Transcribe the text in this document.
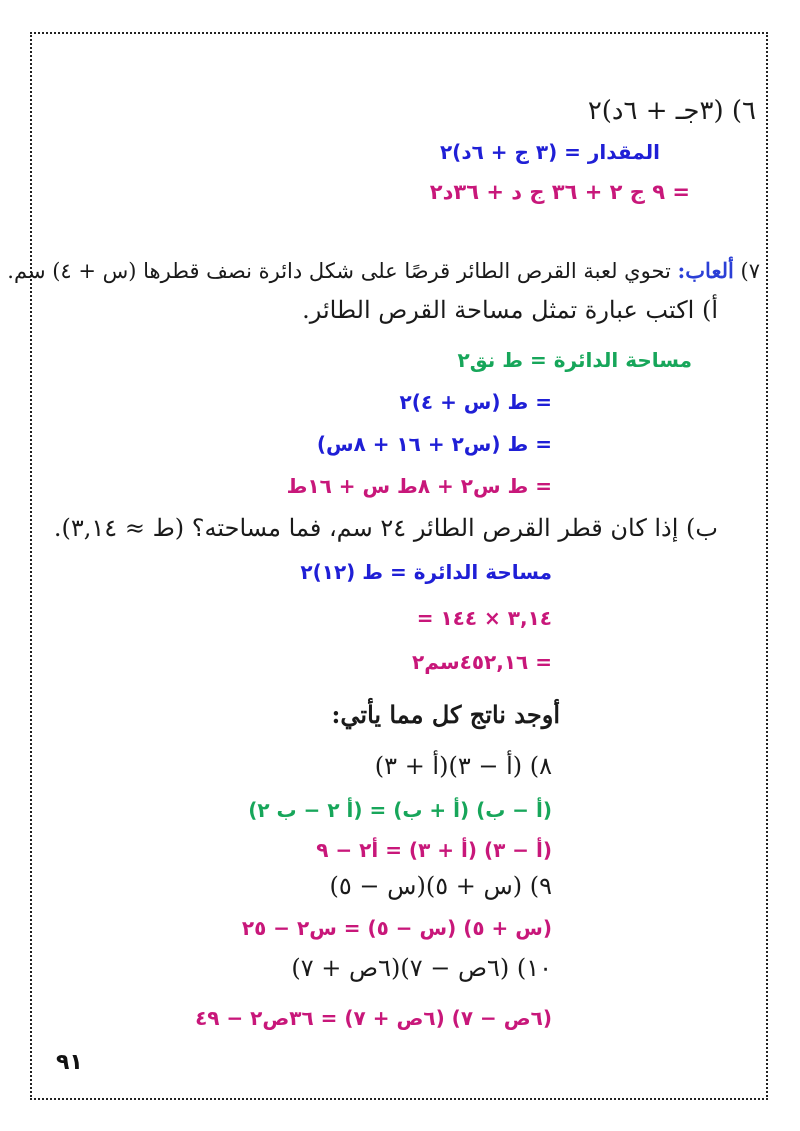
٦) (٣جـ + ٦د)٢
المقدار = (٣ ج + ٦د)٢
= ٩ ج ٢ + ٣٦ ج د + ٣٦د٢
٧) ألعاب: تحوي لعبة القرص الطائر قرصًا على شكل دائرة نصف قطرها (س + ٤) سم.
أ) اكتب عبارة تمثل مساحة القرص الطائر.
مساحة الدائرة = ط نق٢
= ط (س + ٤)٢
= ط (س٢ + ١٦ + ٨س)
= ط س٢ + ٨ط س + ١٦ط
ب) إذا كان قطر القرص الطائر ٢٤ سم، فما مساحته؟ (ط ≈ ٣,١٤).
مساحة الدائرة = ط (١٢)٢
= ٣,١٤ × ١٤٤
= ٤٥٢,١٦سم٢
أوجد ناتج كل مما يأتي:
٨) (أ − ٣)(أ + ٣)
(أ − ب) (أ + ب) = (أ ٢ − ب ٢)
(أ − ٣) (أ + ٣) = أ٢ − ٩
٩) (س + ٥)(س − ٥)
(س + ٥) (س − ٥) = س٢ − ٢٥
١٠) (٦ص − ٧)(٦ص + ٧)
(٦ص − ٧) (٦ص + ٧) = ٣٦ص٢ − ٤٩
٩١
